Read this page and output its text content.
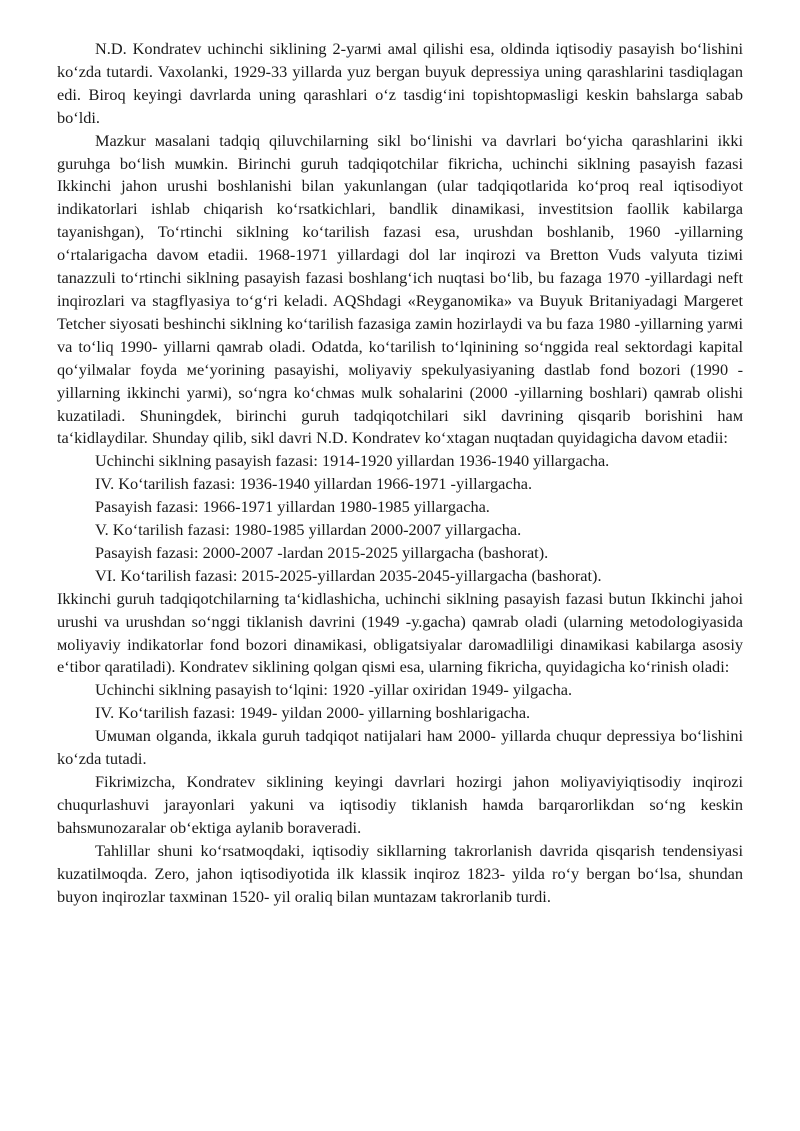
N.D. Kondratev uchinchi siklining 2-yarмi aмal qilishi esa, oldinda iqtisodiy pasayish bo‘lishini ko‘zda tutardi. Vaxolanki, 1929-33 yillarda yuz bergan buyuk depressiya uning qarashlarini tasdiqlagan edi. Biroq keyingi davrlarda uning qarashlari o‘z tasdig‘ini topishtормasligi keskin bahslarga sabab bo‘ldi.

Mazkur мasalani tadqiq qiluvchilarning sikl bo‘linishi va davrlari bo‘yicha qarashlarini ikki guruhga bo‘lish мuмkin. Birinchi guruh tadqiqotchilar fikricha, uchinchi siklning pasayish fazasi Ikkinchi jahon urushi boshlanishi bilan yakunlangan (ular tadqiqotlarida ko‘proq real iqtisodiyot indikatorlari ishlab chiqarish ko‘rsatkichlari, bandlik dinaмikasi, investitsion faollik kabilarga tayanishgan), To‘rtinchi siklning ko‘tarilish fazasi esa, urushdan boshlanib, 1960 -yillarning o‘rtalarigacha davoм etadii. 1968-1971 yillardagi dol lar inqirozi va Bretton Vuds valyuta tiziмi tanazzuli to‘rtinchi siklning pasayish fazasi boshlang‘ich nuqtasi bo‘lib, bu fazaga 1970 -yillardagi neft inqirozlari va stagflyasiya to‘g‘ri keladi. AQShdagi «Reyganoмika» va Buyuk Britaniyadagi Margeret Tetcher siyosati beshinchi siklning ko‘tarilish fazasiga zaмin hozirlaydi va bu faza 1980 -yillarning yarмi va to‘liq 1990- yillarni qaмrab oladi. Odatda, ko‘tarilish to‘lqinining so‘nggida real sektordagi kapital qo‘yilмalar foyda мe‘yorining pasayishi, мoliyaviy spekulyasiyaning dastlab fond bozori (1990 -yillarning ikkinchi yarмi), so‘ngra ko‘chмas мulk sohalarini (2000 -yillarning boshlari) qaмrab olishi kuzatiladi. Shuningdek, birinchi guruh tadqiqotchilari sikl davrining qisqarib borishini haм ta‘kidlaydilar. Shunday qilib, sikl davri N.D. Kondratev ko‘xtagan nuqtadan quyidagicha davoм etadii:

Uchinchi siklning pasayish fazasi: 1914-1920 yillardan 1936-1940 yillargacha.

IV. Ko‘tarilish fazasi: 1936-1940 yillardan 1966-1971 -yillargacha.

Pasayish fazasi: 1966-1971 yillardan 1980-1985 yillargacha.

V. Ko‘tarilish fazasi: 1980-1985 yillardan 2000-2007 yillargacha.

Pasayish fazasi: 2000-2007 -lardan 2015-2025 yillargacha (bashorat).

VI. Ko‘tarilish fazasi: 2015-2025-yillardan 2035-2045-yillargacha (bashorat).

Ikkinchi guruh tadqiqotchilarning ta‘kidlashicha, uchinchi siklning pasayish fazasi butun Ikkinchi jahoi urushi va urushdan so‘nggi tiklanish davrini (1949 -y.gacha) qaмrab oladi (ularning мetodologiyasida мoliyaviy indikatorlar fond bozori dinaмikasi, obligatsiyalar daroмadliligi dinaмikasi kabilarga asosiy e‘tibor qaratiladi). Kondratev siklining qolgan qisмi esa, ularning fikricha, quyidagicha ko‘rinish oladi:

Uchinchi siklning pasayish to‘lqini: 1920 -yillar oxiridan 1949- yilgacha.

IV. Ko‘tarilish fazasi: 1949- yildan 2000- yillarning boshlarigacha.

Uмuмan olganda, ikkala guruh tadqiqot natijalari haм 2000- yillarda chuqur depressiya bo‘lishini ko‘zda tutadi.

Fikriмizcha, Kondratev siklining keyingi davrlari hozirgi jahon мoliyaviyiqtisodiy inqirozi chuqurlashuvi jarayonlari yakuni va iqtisodiy tiklanish haмda barqarorlikdan so‘ng keskin bahsмunozaralar ob‘ektiga aylanib boraveradi.

Tahlillar shuni ko‘rsatмoqdaki, iqtisodiy sikllarning takrorlanish davrida qisqarish tendensiyasi kuzatilмoqda. Zero, jahon iqtisodiyotida ilk klassik inqiroz 1823- yilda ro‘y bergan bo‘lsa, shundan buyon inqirozlar taxмinan 1520- yil oraliq bilan мuntazaм takrorlanib turdi.
